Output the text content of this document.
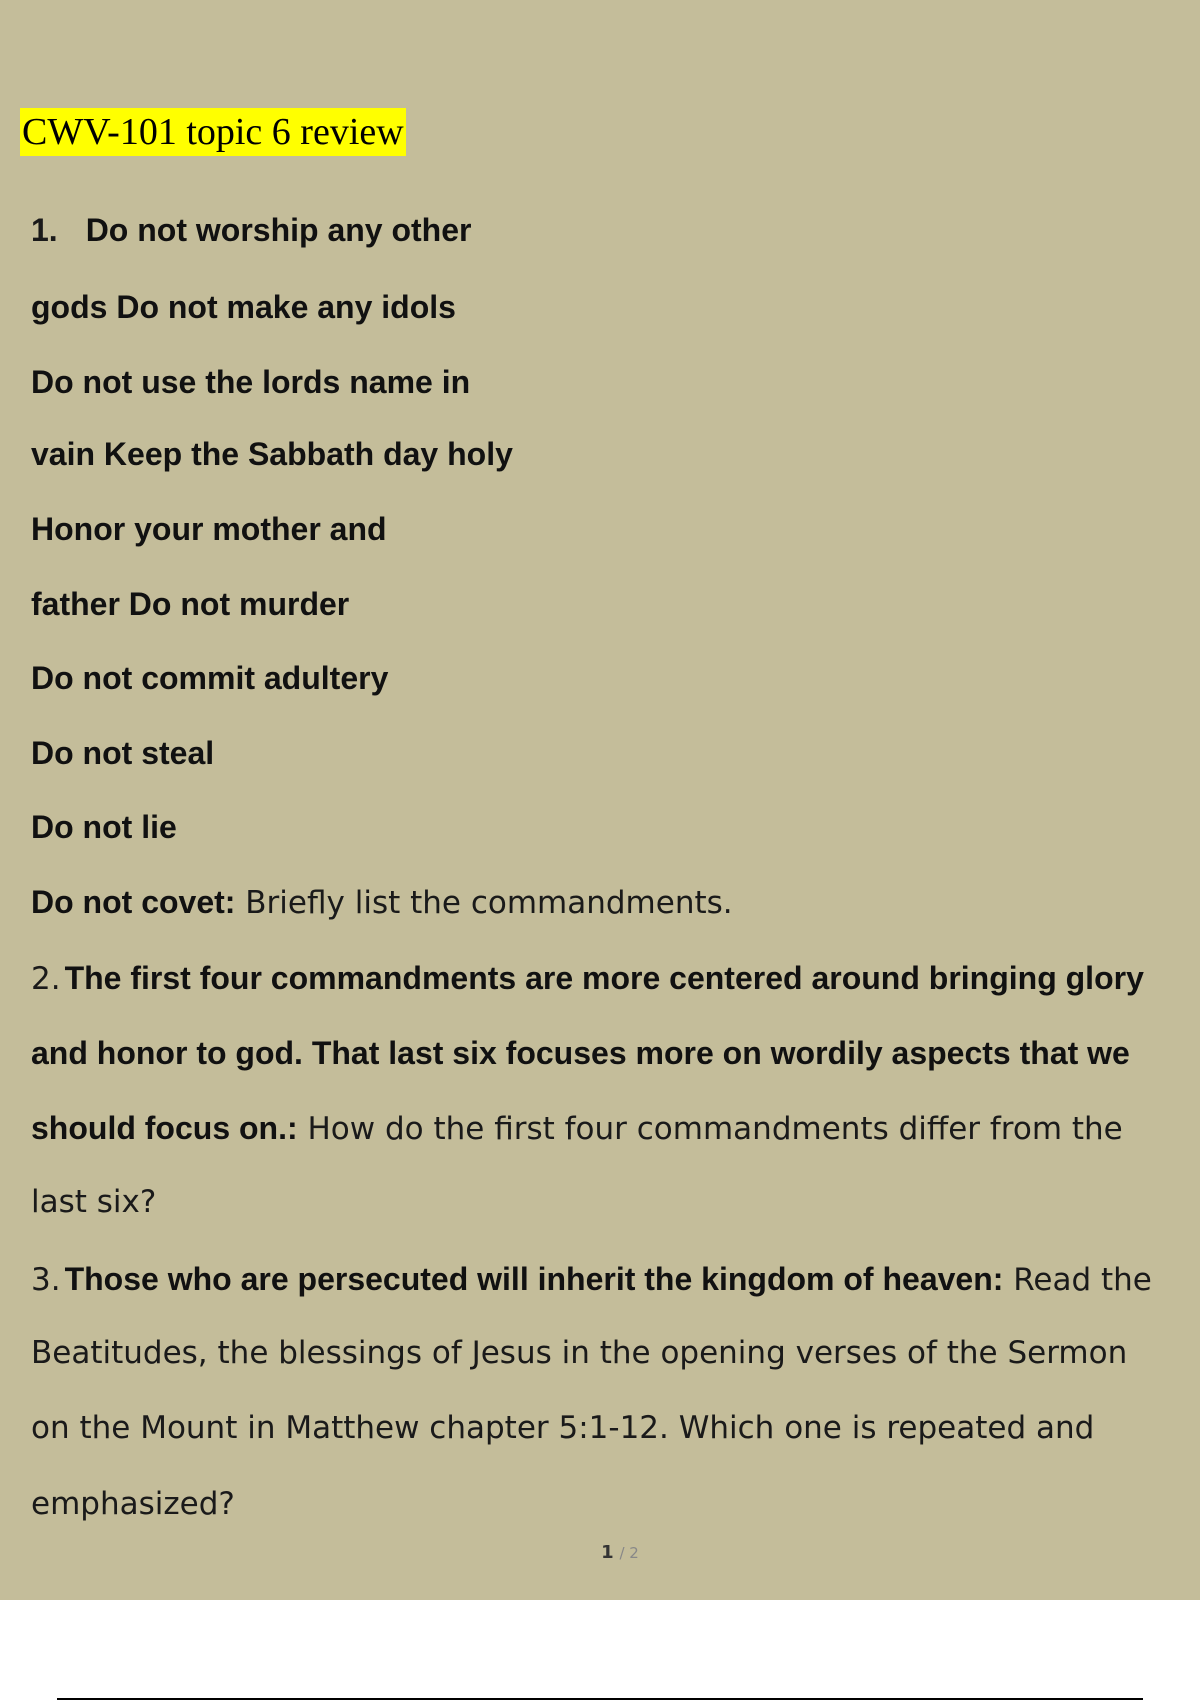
CWV-101 topic 6 review
1. Do not worship any other
gods Do not make any idols
Do not use the lords name in
vain Keep the Sabbath day holy
Honor your mother and
father Do not murder
Do not commit adultery
Do not steal
Do not lie
Do not covet: Briefly list the commandments.
2. The first four commandments are more centered around bringing glory
and honor to god. That last six focuses more on wordily aspects that we
should focus on.: How do the first four commandments differ from the
last six?
3. Those who are persecuted will inherit the kingdom of heaven: Read the
Beatitudes, the blessings of Jesus in the opening verses of the Sermon
on the Mount in Matthew chapter 5:1-12. Which one is repeated and
emphasized?
1 / 2
